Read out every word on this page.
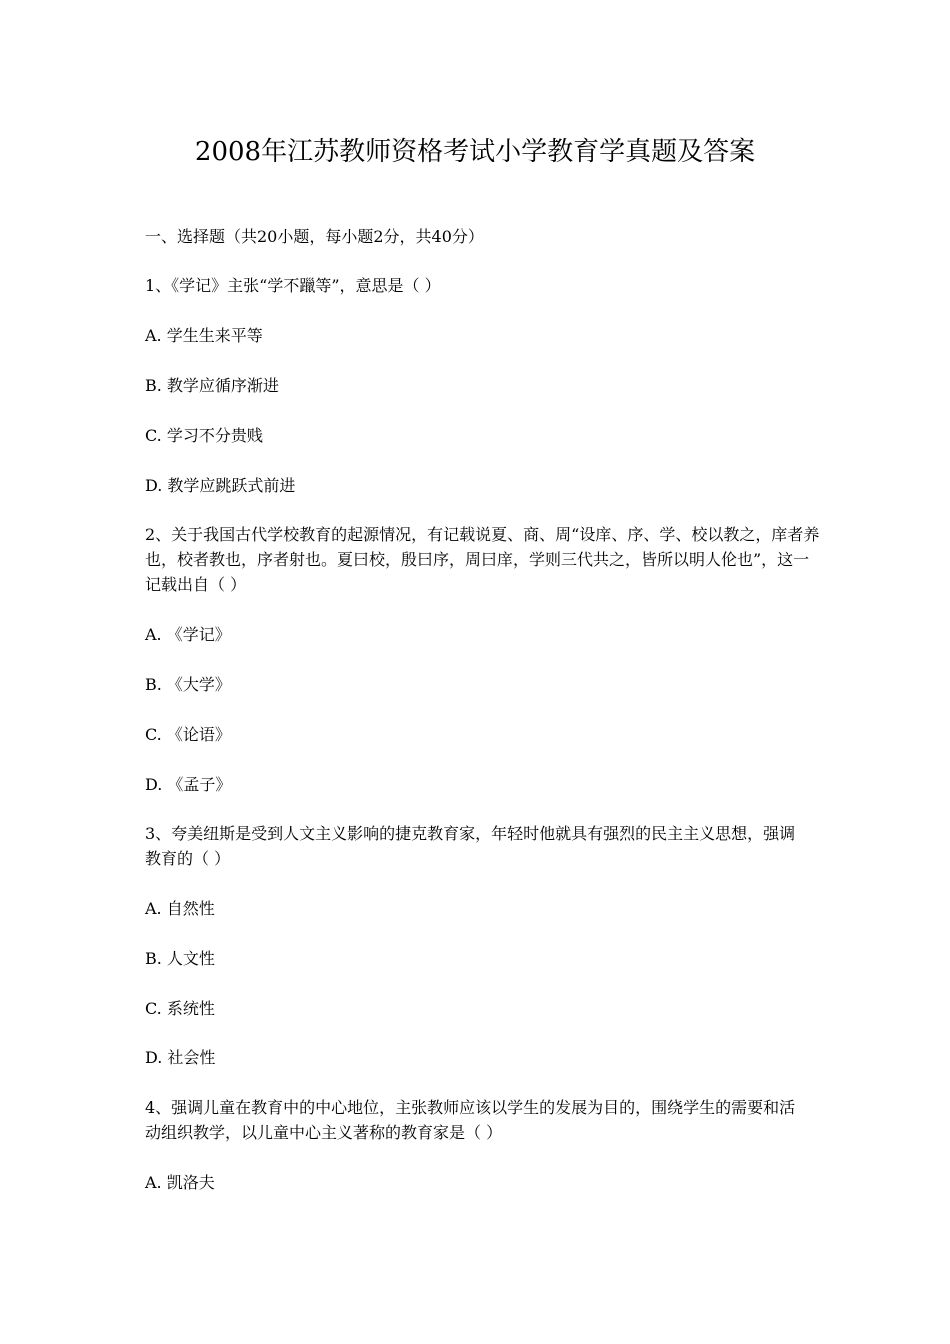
2008年江苏教师资格考试小学教育学真题及答案
一、选择题（共20小题，每小题2分，共40分）
1、《学记》主张“学不躐等”，意思是（ ）
A. 学生生来平等
B. 教学应循序渐进
C. 学习不分贵贱
D. 教学应跳跃式前进
2、关于我国古代学校教育的起源情况，有记载说夏、商、周“设庠、序、学、校以教之，庠者养
也，校者教也，序者射也。夏曰校，殷曰序，周曰庠，学则三代共之，皆所以明人伦也”，这一
记载出自（ ）
A. 《学记》
B. 《大学》
C. 《论语》
D. 《孟子》
3、夸美纽斯是受到人文主义影响的捷克教育家，年轻时他就具有强烈的民主主义思想，强调
教育的（ ）
A. 自然性
B. 人文性
C. 系统性
D. 社会性
4、强调儿童在教育中的中心地位，主张教师应该以学生的发展为目的，围绕学生的需要和活
动组织教学，以儿童中心主义著称的教育家是（ ）
A. 凯洛夫
